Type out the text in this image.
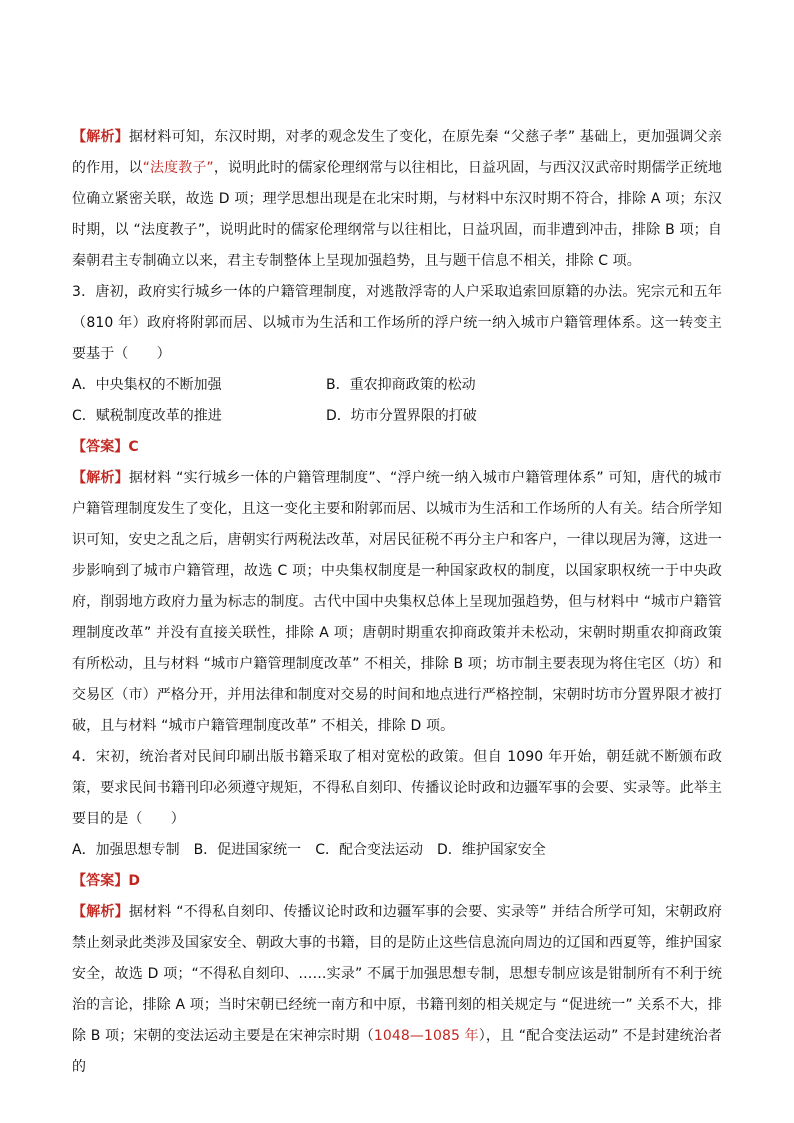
【解析】据材料可知，东汉时期，对孝的观念发生了变化，在原先秦 “父慈子孝” 基础上，更加强调父亲的作用，以“法度教子”，说明此时的儒家伦理纲常与以往相比，日益巩固，与西汉汉武帝时期儒学正统地位确立紧密关联，故选 D 项；理学思想出现是在北宋时期，与材料中东汉时期不符合，排除 A 项；东汉时期，以 “法度教子”，说明此时的儒家伦理纲常与以往相比，日益巩固，而非遭到冲击，排除 B 项；自秦朝君主专制确立以来，君主专制整体上呈现加强趋势，且与题干信息不相关，排除 C 项。

3．唐初，政府实行城乡一体的户籍管理制度，对逃散浮寄的人户采取追索回原籍的办法。宪宗元和五年（810 年）政府将附郭而居、以城市为生活和工作场所的浮户统一纳入城市户籍管理体系。这一转变主要基于（　　）

A．中央集权的不断加强	B．重农抑商政策的松动
C．赋税制度改革的推进	D．坊市分置界限的打破

【答案】C

【解析】据材料 “实行城乡一体的户籍管理制度”、“浮户统一纳入城市户籍管理体系” 可知，唐代的城市户籍管理制度发生了变化，且这一变化主要和附郭而居、以城市为生活和工作场所的人有关。结合所学知识可知，安史之乱之后，唐朝实行两税法改革，对居民征税不再分主户和客户，一律以现居为簿，这进一步影响到了城市户籍管理，故选 C 项；中央集权制度是一种国家政权的制度，以国家职权统一于中央政府，削弱地方政府力量为标志的制度。古代中国中央集权总体上呈现加强趋势，但与材料中 “城市户籍管理制度改革” 并没有直接关联性，排除 A 项；唐朝时期重农抑商政策并未松动，宋朝时期重农抑商政策有所松动，且与材料 “城市户籍管理制度改革” 不相关，排除 B 项；坊市制主要表现为将住宅区（坊）和交易区（市）严格分开，并用法律和制度对交易的时间和地点进行严格控制，宋朝时坊市分置界限才被打破，且与材料 “城市户籍管理制度改革” 不相关，排除 D 项。

4．宋初，统治者对民间印刷出版书籍采取了相对宽松的政策。但自 1090 年开始，朝廷就不断颁布政策，要求民间书籍刊印必须遵守规矩，不得私自刻印、传播议论时政和边疆军事的会要、实录等。此举主要目的是（　　）

A．加强思想专制 B．促进国家统一 C．配合变法运动 D．维护国家安全

【答案】D

【解析】据材料 “不得私自刻印、传播议论时政和边疆军事的会要、实录等” 并结合所学可知，宋朝政府禁止刻录此类涉及国家安全、朝政大事的书籍，目的是防止这些信息流向周边的辽国和西夏等，维护国家安全，故选 D 项；“不得私自刻印、……实录” 不属于加强思想专制，思想专制应该是钳制所有不利于统治的言论，排除 A 项；当时宋朝已经统一南方和中原，书籍刊刻的相关规定与 “促进统一” 关系不大，排除 B 项；宋朝的变法运动主要是在宋神宗时期（1048—1085 年），且 “配合变法运动” 不是封建统治者的
